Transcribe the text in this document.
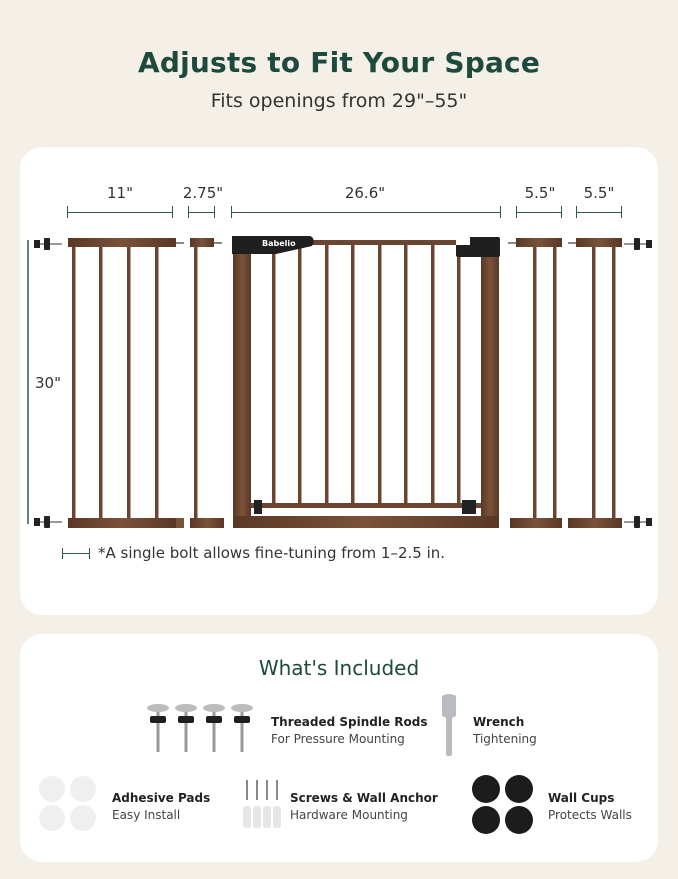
Adjusts to Fit Your Space
Fits openings from 29"–55"
11"	2.75"	26.6"	5.5"	5.5"
30"
Babelio
*A single bolt allows fine-tuning from 1–2.5 in.
What's Included
Threaded Spindle Rods
For Pressure Mounting
Wrench
Tightening
Adhesive Pads
Easy Install
Screws & Wall Anchor
Hardware Mounting
Wall Cups
Protects Walls
